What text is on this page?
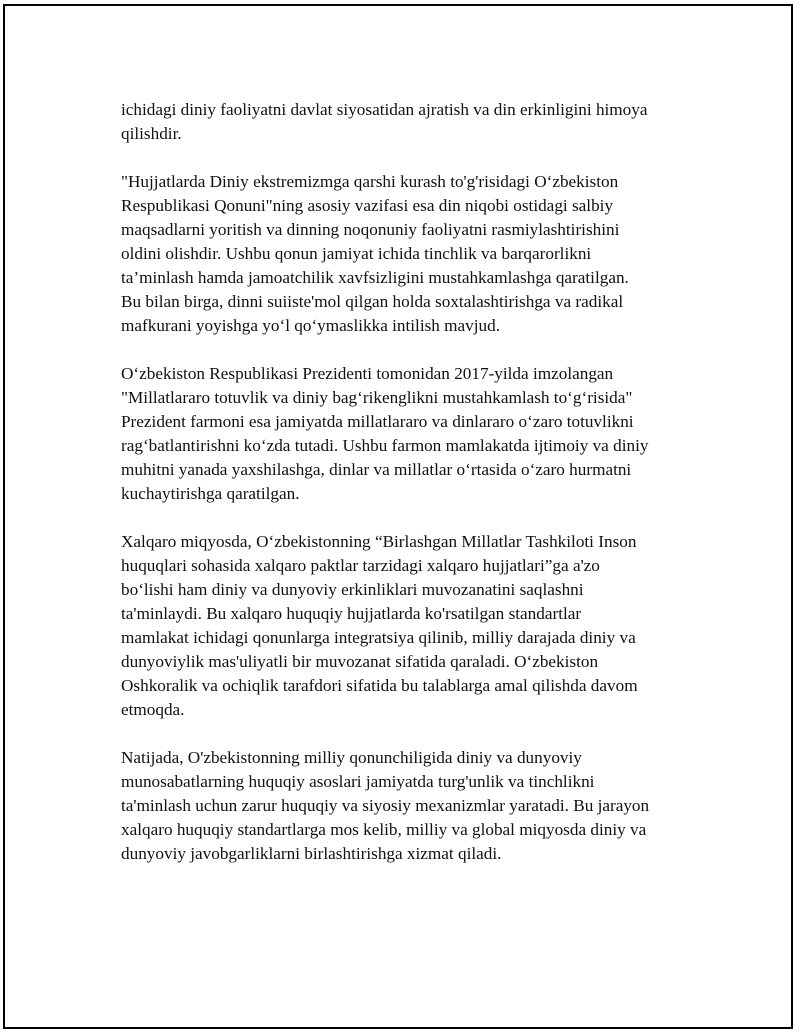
ichidagi diniy faoliyatni davlat siyosatidan ajratish va din erkinligini himoya
qilishdir.

"Hujjatlarda Diniy ekstremizmga qarshi kurash to'g'risidagi O‘zbekiston
Respublikasi Qonuni"ning asosiy vazifasi esa din niqobi ostidagi salbiy
maqsadlarni yoritish va dinning noqonuniy faoliyatni rasmiylashtirishini
oldini olishdir. Ushbu qonun jamiyat ichida tinchlik va barqarorlikni
ta’minlash hamda jamoatchilik xavfsizligini mustahkamlashga qaratilgan.
Bu bilan birga, dinni suiiste'mol qilgan holda soxtalashtirishga va radikal
mafkurani yoyishga yo‘l qo‘ymaslikka intilish mavjud.

O‘zbekiston Respublikasi Prezidenti tomonidan 2017-yilda imzolangan
"Millatlararo totuvlik va diniy bag‘rikenglikni mustahkamlash to‘g‘risida"
Prezident farmoni esa jamiyatda millatlararo va dinlararo o‘zaro totuvlikni
rag‘batlantirishni ko‘zda tutadi. Ushbu farmon mamlakatda ijtimoiy va diniy
muhitni yanada yaxshilashga, dinlar va millatlar o‘rtasida o‘zaro hurmatni
kuchaytirishga qaratilgan.

Xalqaro miqyosda, O‘zbekistonning “Birlashgan Millatlar Tashkiloti Inson
huquqlari sohasida xalqaro paktlar tarzidagi xalqaro hujjatlari”ga a'zo
bo‘lishi ham diniy va dunyoviy erkinliklari muvozanatini saqlashni
ta'minlaydi. Bu xalqaro huquqiy hujjatlarda ko'rsatilgan standartlar
mamlakat ichidagi qonunlarga integratsiya qilinib, milliy darajada diniy va
dunyoviylik mas'uliyatli bir muvozanat sifatida qaraladi. O‘zbekiston
Oshkoralik va ochiqlik tarafdori sifatida bu talablarga amal qilishda davom
etmoqda.

Natijada, O'zbekistonning milliy qonunchiligida diniy va dunyoviy
munosabatlarning huquqiy asoslari jamiyatda turg'unlik va tinchlikni
ta'minlash uchun zarur huquqiy va siyosiy mexanizmlar yaratadi. Bu jarayon
xalqaro huquqiy standartlarga mos kelib, milliy va global miqyosda diniy va
dunyoviy javobgarliklarni birlashtirishga xizmat qiladi.
